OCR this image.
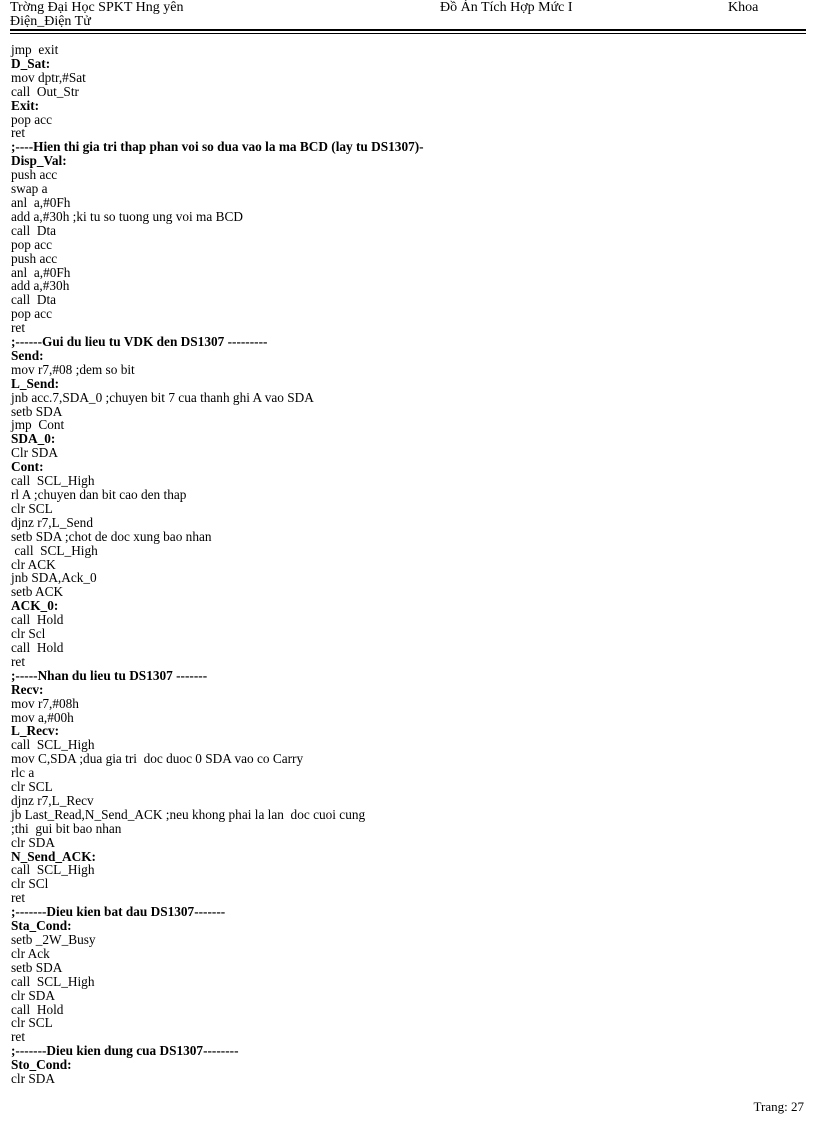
Trờng Đại Học SPKT Hng yên
Điện_Điện Tử
Đồ Án Tích Hợp Mức I	Khoa
jmp  exit
D_Sat:
mov dptr,#Sat
call  Out_Str
Exit:
pop acc
ret
;----Hien thi gia tri thap phan voi so dua vao la ma BCD (lay tu DS1307)-
Disp_Val:
push acc
swap a
anl  a,#0Fh
add a,#30h ;ki tu so tuong ung voi ma BCD
call  Dta
pop acc
push acc
anl  a,#0Fh
add a,#30h
call  Dta
pop acc
ret
;------Gui du lieu tu VDK den DS1307 ---------
Send:
mov r7,#08 ;dem so bit
L_Send:
jnb acc.7,SDA_0 ;chuyen bit 7 cua thanh ghi A vao SDA
setb SDA
jmp  Cont
SDA_0:
Clr SDA
Cont:
call  SCL_High
rl A ;chuyen dan bit cao den thap
clr SCL
djnz r7,L_Send
setb SDA ;chot de doc xung bao nhan
call  SCL_High
clr ACK
jnb SDA,Ack_0
setb ACK
ACK_0:
call  Hold
clr Scl
call  Hold
ret
;-----Nhan du lieu tu DS1307 -------
Recv:
mov r7,#08h
mov a,#00h
L_Recv:
call  SCL_High
mov C,SDA ;dua gia tri  doc duoc 0 SDA vao co Carry
rlc a
clr SCL
djnz r7,L_Recv
jb Last_Read,N_Send_ACK ;neu khong phai la lan  doc cuoi cung
;thi  gui bit bao nhan
clr SDA
N_Send_ACK:
call  SCL_High
clr SCl
ret
;-------Dieu kien bat dau DS1307-------
Sta_Cond:
setb _2W_Busy
clr Ack
setb SDA
call  SCL_High
clr SDA
call  Hold
clr SCL
ret
;-------Dieu kien dung cua DS1307--------
Sto_Cond:
clr SDA
Trang: 27
